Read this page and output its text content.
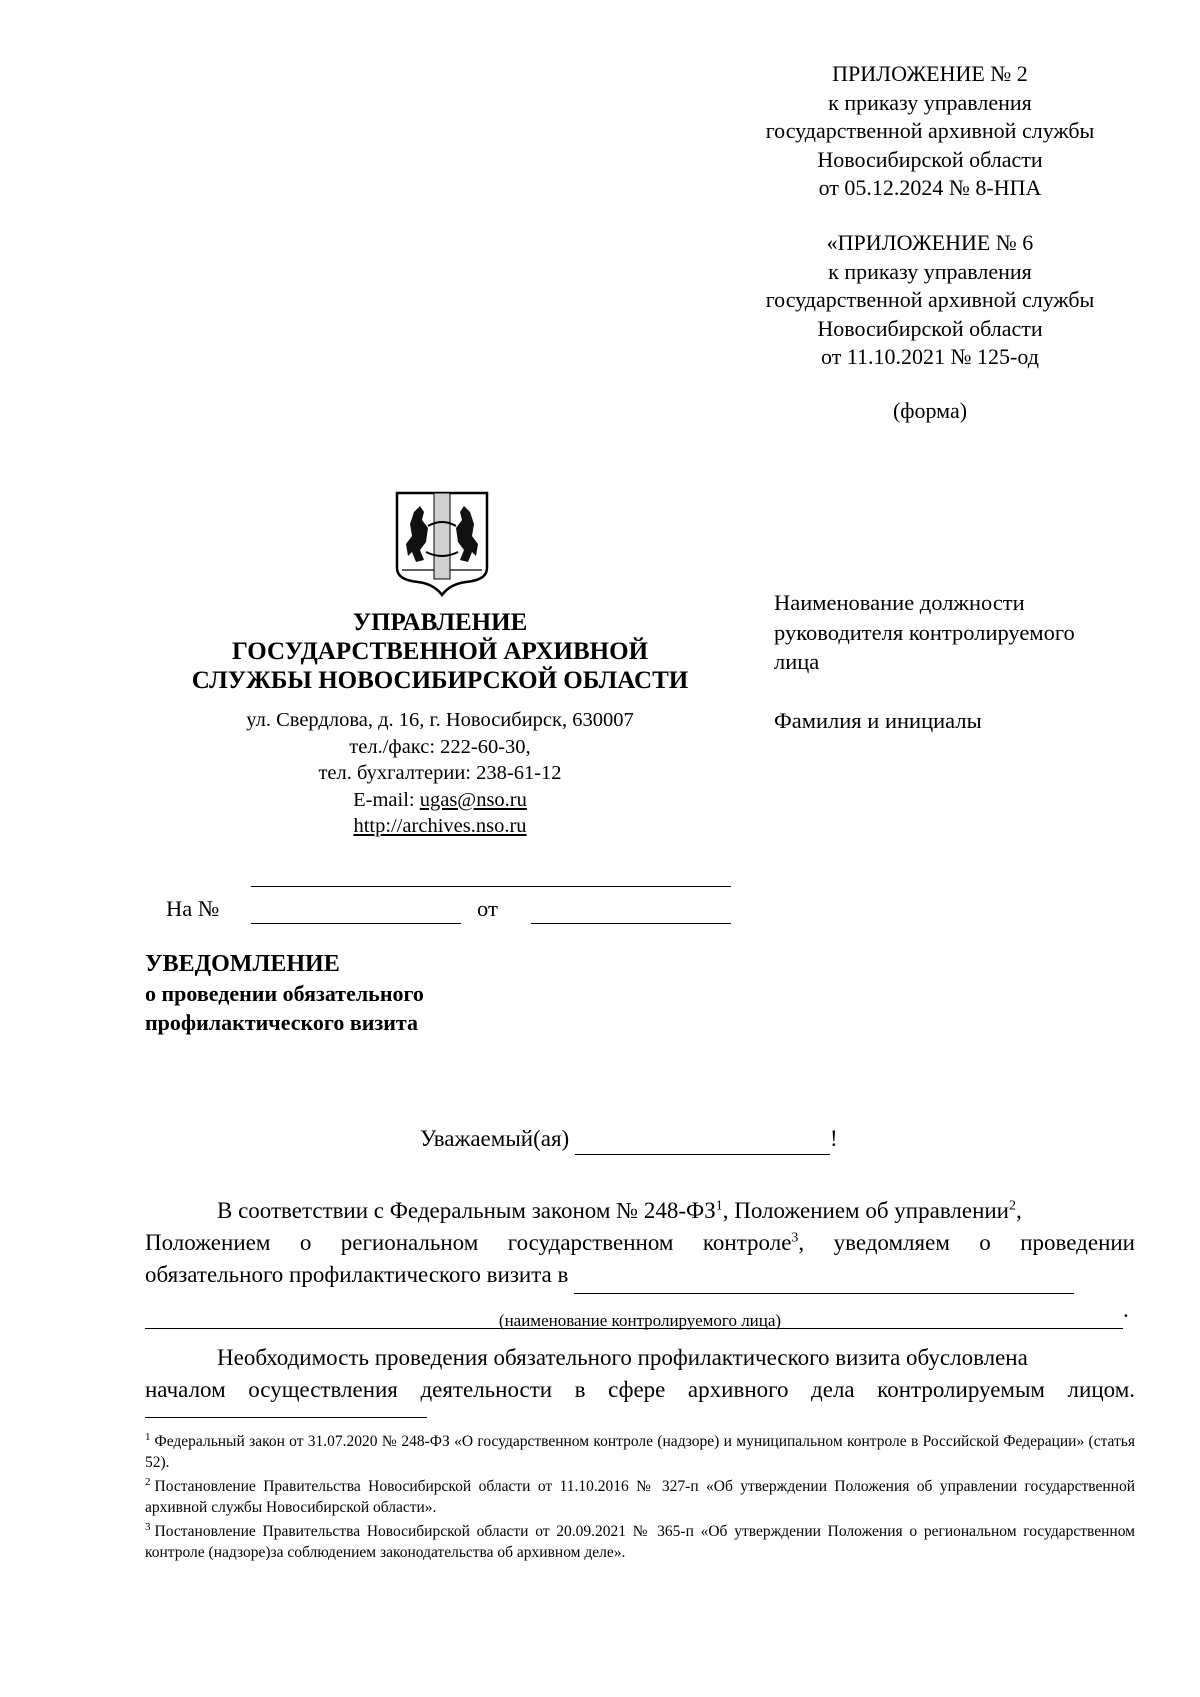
ПРИЛОЖЕНИЕ № 2
к приказу управления
государственной архивной службы
Новосибирской области
от 05.12.2024 № 8-НПА
«ПРИЛОЖЕНИЕ № 6
к приказу управления
государственной архивной службы
Новосибирской области
от 11.10.2021 № 125-од
(форма)
УПРАВЛЕНИЕ
ГОСУДАРСТВЕННОЙ АРХИВНОЙ
СЛУЖБЫ НОВОСИБИРСКОЙ ОБЛАСТИ
ул. Свердлова, д. 16, г. Новосибирск, 630007
тел./факс: 222-60-30,
тел. бухгалтерии: 238-61-12
E-mail: ugas@nso.ru
http://archives.nso.ru
Наименование должности
руководителя контролируемого
лица
Фамилия и инициалы
На №	от
УВЕДОМЛЕНИЕ
о проведении обязательного
профилактического визита
Уважаемый(ая)	!
В соответствии с Федеральным законом № $248-ФЗ^1$, Положением об управлении$^2$,
Положением о региональном государственном контроле$^3$, уведомляем о проведении
обязательного профилактического визита в
.
(наименование контролируемого лица)
Необходимость проведения обязательного профилактического визита обусловлена
началом осуществления деятельности в сфере архивного дела контролируемым лицом.
$^1$ Федеральный закон от 31.07.2020 № 248-ФЗ «О государственном контроле (надзоре) и муниципальном контроле в Российской Федерации» (статья 52).
$^2$ Постановление Правительства Новосибирской области от 11.10.2016 № 327-п «Об утверждении Положения об управлении государственной архивной службы Новосибирской области».
$^3$ Постановление Правительства Новосибирской области от 20.09.2021 № 365-п «Об утверждении Положения о региональном государственном контроле (надзоре)за соблюдением законодательства об архивном деле».
